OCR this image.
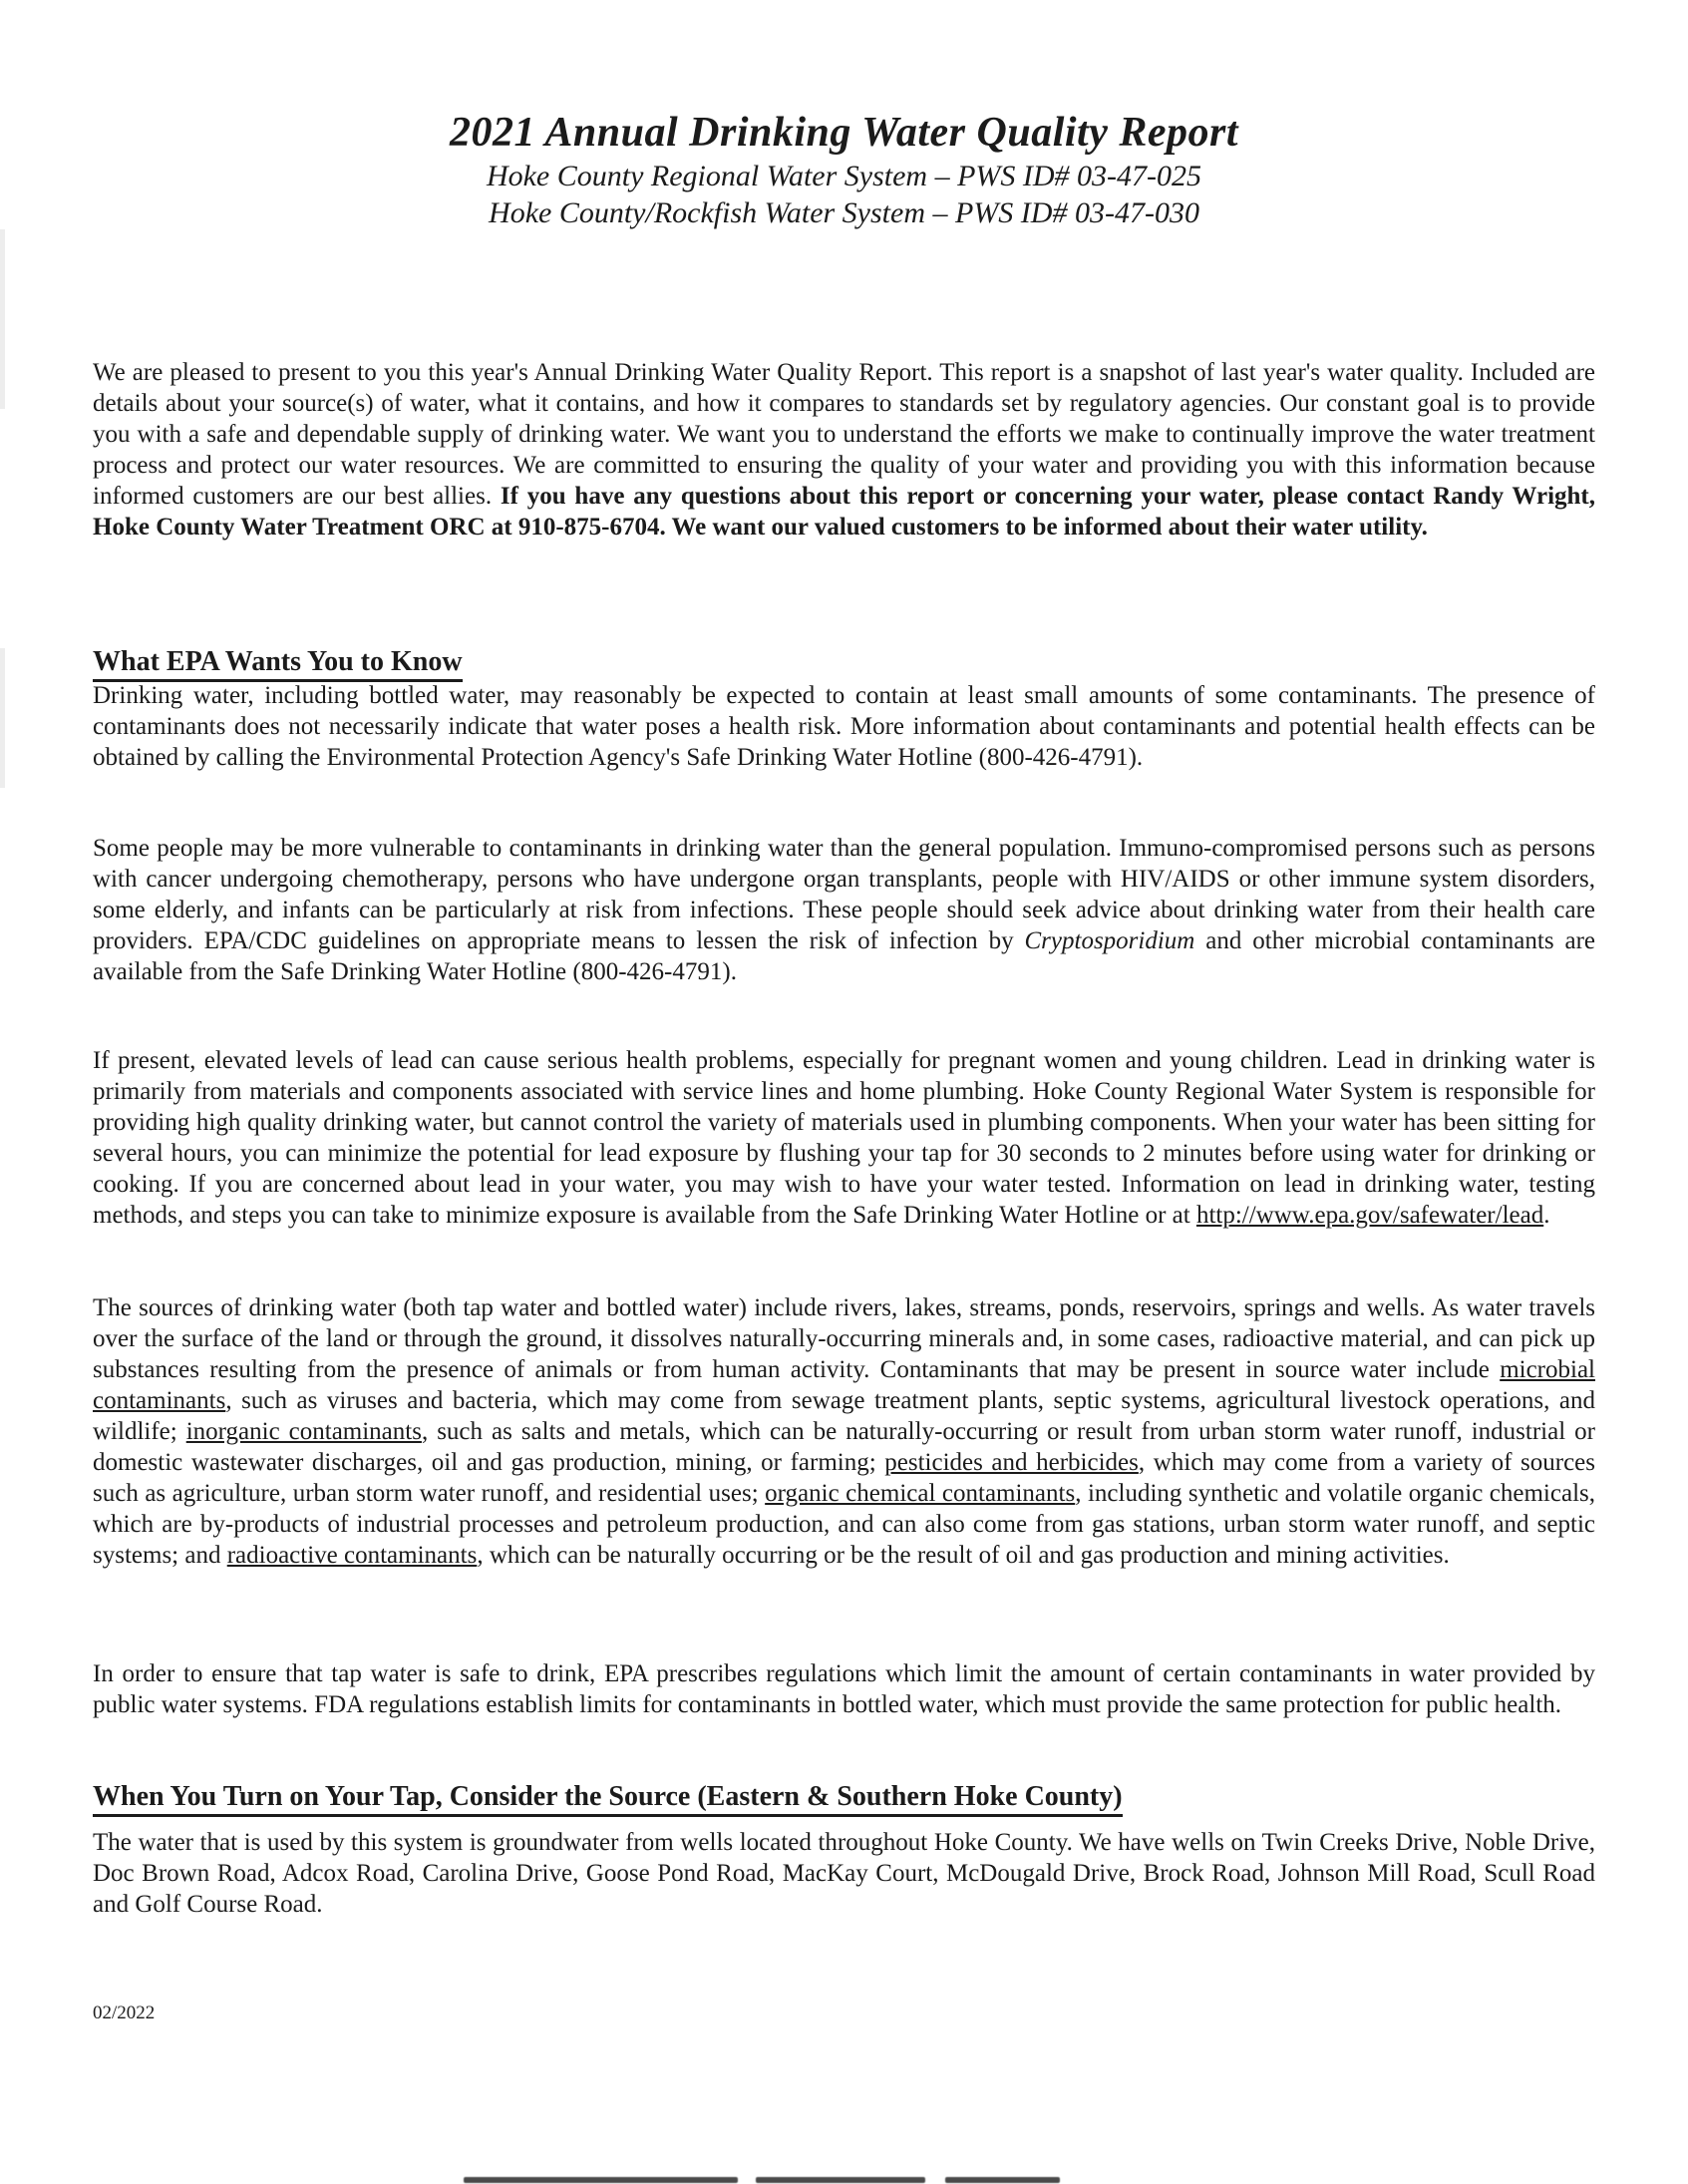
2021 Annual Drinking Water Quality Report
Hoke County Regional Water System – PWS ID# 03-47-025
Hoke County/Rockfish Water System – PWS ID# 03-47-030
We are pleased to present to you this year's Annual Drinking Water Quality Report. This report is a snapshot of last year's water quality. Included are details about your source(s) of water, what it contains, and how it compares to standards set by regulatory agencies. Our constant goal is to provide you with a safe and dependable supply of drinking water. We want you to understand the efforts we make to continually improve the water treatment process and protect our water resources. We are committed to ensuring the quality of your water and providing you with this information because informed customers are our best allies. If you have any questions about this report or concerning your water, please contact Randy Wright, Hoke County Water Treatment ORC at 910-875-6704. We want our valued customers to be informed about their water utility.
What EPA Wants You to Know
Drinking water, including bottled water, may reasonably be expected to contain at least small amounts of some contaminants. The presence of contaminants does not necessarily indicate that water poses a health risk. More information about contaminants and potential health effects can be obtained by calling the Environmental Protection Agency's Safe Drinking Water Hotline (800-426-4791).
Some people may be more vulnerable to contaminants in drinking water than the general population. Immuno-compromised persons such as persons with cancer undergoing chemotherapy, persons who have undergone organ transplants, people with HIV/AIDS or other immune system disorders, some elderly, and infants can be particularly at risk from infections. These people should seek advice about drinking water from their health care providers. EPA/CDC guidelines on appropriate means to lessen the risk of infection by Cryptosporidium and other microbial contaminants are available from the Safe Drinking Water Hotline (800-426-4791).
If present, elevated levels of lead can cause serious health problems, especially for pregnant women and young children. Lead in drinking water is primarily from materials and components associated with service lines and home plumbing. Hoke County Regional Water System is responsible for providing high quality drinking water, but cannot control the variety of materials used in plumbing components. When your water has been sitting for several hours, you can minimize the potential for lead exposure by flushing your tap for 30 seconds to 2 minutes before using water for drinking or cooking. If you are concerned about lead in your water, you may wish to have your water tested. Information on lead in drinking water, testing methods, and steps you can take to minimize exposure is available from the Safe Drinking Water Hotline or at http://www.epa.gov/safewater/lead.
The sources of drinking water (both tap water and bottled water) include rivers, lakes, streams, ponds, reservoirs, springs and wells. As water travels over the surface of the land or through the ground, it dissolves naturally-occurring minerals and, in some cases, radioactive material, and can pick up substances resulting from the presence of animals or from human activity. Contaminants that may be present in source water include microbial contaminants, such as viruses and bacteria, which may come from sewage treatment plants, septic systems, agricultural livestock operations, and wildlife; inorganic contaminants, such as salts and metals, which can be naturally-occurring or result from urban storm water runoff, industrial or domestic wastewater discharges, oil and gas production, mining, or farming; pesticides and herbicides, which may come from a variety of sources such as agriculture, urban storm water runoff, and residential uses; organic chemical contaminants, including synthetic and volatile organic chemicals, which are by-products of industrial processes and petroleum production, and can also come from gas stations, urban storm water runoff, and septic systems; and radioactive contaminants, which can be naturally occurring or be the result of oil and gas production and mining activities.
In order to ensure that tap water is safe to drink, EPA prescribes regulations which limit the amount of certain contaminants in water provided by public water systems. FDA regulations establish limits for contaminants in bottled water, which must provide the same protection for public health.
When You Turn on Your Tap, Consider the Source (Eastern & Southern Hoke County)
The water that is used by this system is groundwater from wells located throughout Hoke County. We have wells on Twin Creeks Drive, Noble Drive, Doc Brown Road, Adcox Road, Carolina Drive, Goose Pond Road, MacKay Court, McDougald Drive, Brock Road, Johnson Mill Road, Scull Road and Golf Course Road.
02/2022
